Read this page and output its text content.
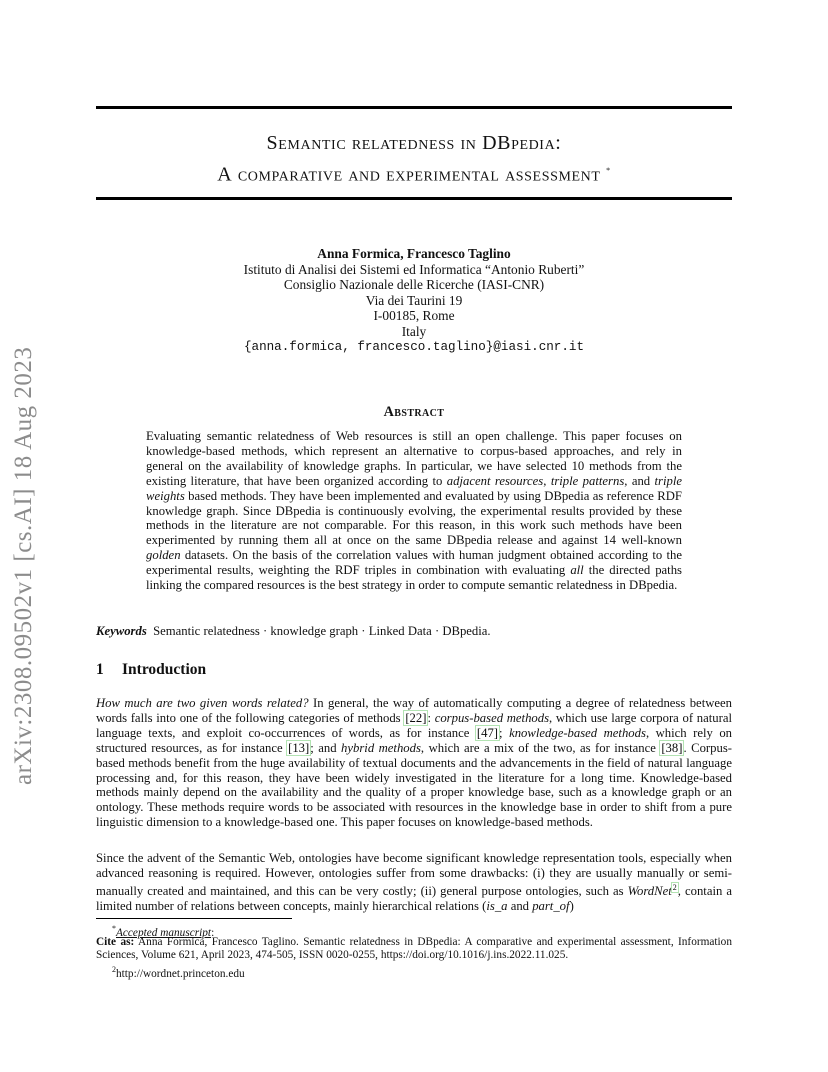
arXiv:2308.09502v1 [cs.AI] 18 Aug 2023
Semantic relatedness in DBpedia:
A comparative and experimental assessment *
Anna Formica, Francesco Taglino
Istituto di Analisi dei Sistemi ed Informatica “Antonio Ruberti”
Consiglio Nazionale delle Ricerche (IASI-CNR)
Via dei Taurini 19
I-00185, Rome
Italy
{anna.formica, francesco.taglino}@iasi.cnr.it
Abstract
Evaluating semantic relatedness of Web resources is still an open challenge. This paper focuses on knowledge-based methods, which represent an alternative to corpus-based approaches, and rely in general on the availability of knowledge graphs. In particular, we have selected 10 methods from the existing literature, that have been organized according to adjacent resources, triple patterns, and triple weights based methods. They have been implemented and evaluated by using DBpedia as reference RDF knowledge graph. Since DBpedia is continuously evolving, the experimental results provided by these methods in the literature are not comparable. For this reason, in this work such methods have been experimented by running them all at once on the same DBpedia release and against 14 well-known golden datasets. On the basis of the correlation values with human judgment obtained according to the experimental results, weighting the RDF triples in combination with evaluating all the directed paths linking the compared resources is the best strategy in order to compute semantic relatedness in DBpedia.
Keywords Semantic relatedness · knowledge graph · Linked Data · DBpedia.
1 Introduction
How much are two given words related? In general, the way of automatically computing a degree of relatedness between words falls into one of the following categories of methods [22]: corpus-based methods, which use large corpora of natural language texts, and exploit co-occurrences of words, as for instance [47]; knowledge-based methods, which rely on structured resources, as for instance [13]; and hybrid methods, which are a mix of the two, as for instance [38]. Corpus-based methods benefit from the huge availability of textual documents and the advancements in the field of natural language processing and, for this reason, they have been widely investigated in the literature for a long time. Knowledge-based methods mainly depend on the availability and the quality of a proper knowledge base, such as a knowledge graph or an ontology. These methods require words to be associated with resources in the knowledge base in order to shift from a pure linguistic dimension to a knowledge-based one. This paper focuses on knowledge-based methods.
Since the advent of the Semantic Web, ontologies have become significant knowledge representation tools, especially when advanced reasoning is required. However, ontologies suffer from some drawbacks: (i) they are usually manually or semi-manually created and maintained, and this can be very costly; (ii) general purpose ontologies, such as WordNet$^2$, contain a limited number of relations between concepts, mainly hierarchical relations (is_a and part_of)
*Accepted manuscript:
Cite as: Anna Formica, Francesco Taglino. Semantic relatedness in DBpedia: A comparative and experimental assessment, Information Sciences, Volume 621, April 2023, 474-505, ISSN 0020-0255, https://doi.org/10.1016/j.ins.2022.11.025.
$^2$http://wordnet.princeton.edu
